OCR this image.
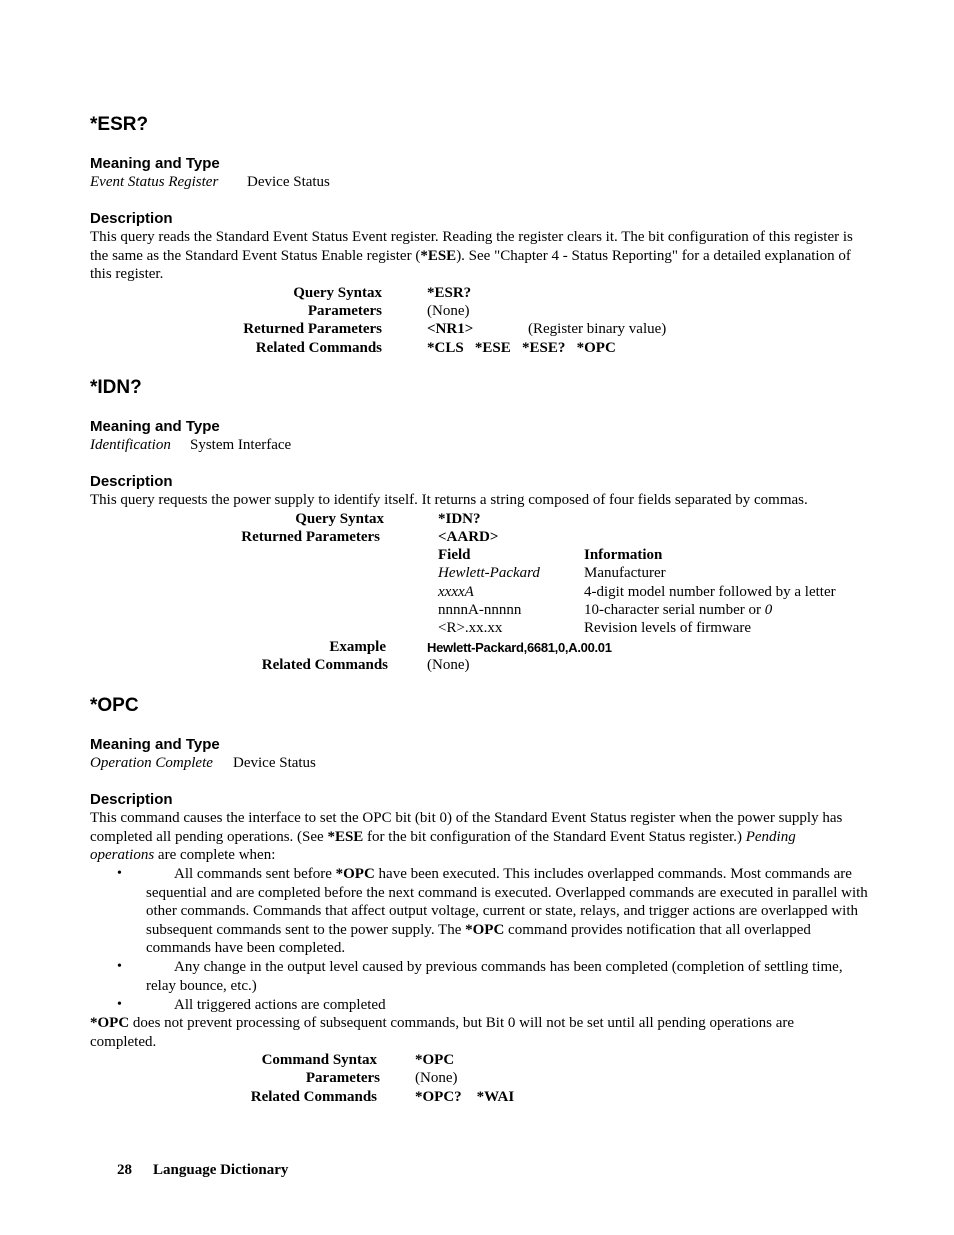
*ESR?
Meaning and Type
Event Status Register Device Status
Description
This query reads the Standard Event Status Event register. Reading the register clears it. The bit configuration of this register is the same as the Standard Event Status Enable register (*ESE). See "Chapter 4 - Status Reporting" for a detailed explanation of this register.
Query Syntax	*ESR?
Parameters	(None)
Returned Parameters	<NR1>	(Register binary value)
Related Commands	*CLS   *ESE   *ESE?   *OPC
*IDN?
Meaning and Type
Identification System Interface
Description
This query requests the power supply to identify itself. It returns a string composed of four fields separated by commas.
Query Syntax	*IDN?
Returned Parameters	<AARD>
Field	Information
Hewlett-Packard	Manufacturer
xxxxA	4-digit model number followed by a letter
nnnnA-nnnnn	10-character serial number or 0
<R>.xx.xx	Revision levels of firmware
Example	Hewlett-Packard,6681,0,A.00.01
Related Commands	(None)
*OPC
Meaning and Type
Operation Complete Device Status
Description
This command causes the interface to set the OPC bit (bit 0) of the Standard Event Status register when the power supply has completed all pending operations. (See *ESE for the bit configuration of the Standard Event Status register.) Pending operations are complete when:
•	All commands sent before *OPC have been executed. This includes overlapped commands. Most commands are sequential and are completed before the next command is executed. Overlapped commands are executed in parallel with other commands. Commands that affect output voltage, current or state, relays, and trigger actions are overlapped with subsequent commands sent to the power supply. The *OPC command provides notification that all overlapped commands have been completed.
•	Any change in the output level caused by previous commands has been completed (completion of settling time, relay bounce, etc.)
•	All triggered actions are completed
*OPC does not prevent processing of subsequent commands, but Bit 0 will not be set until all pending operations are completed.
Command Syntax	*OPC
Parameters (None)
Related Commands	*OPC?    *WAI
28 Language Dictionary
